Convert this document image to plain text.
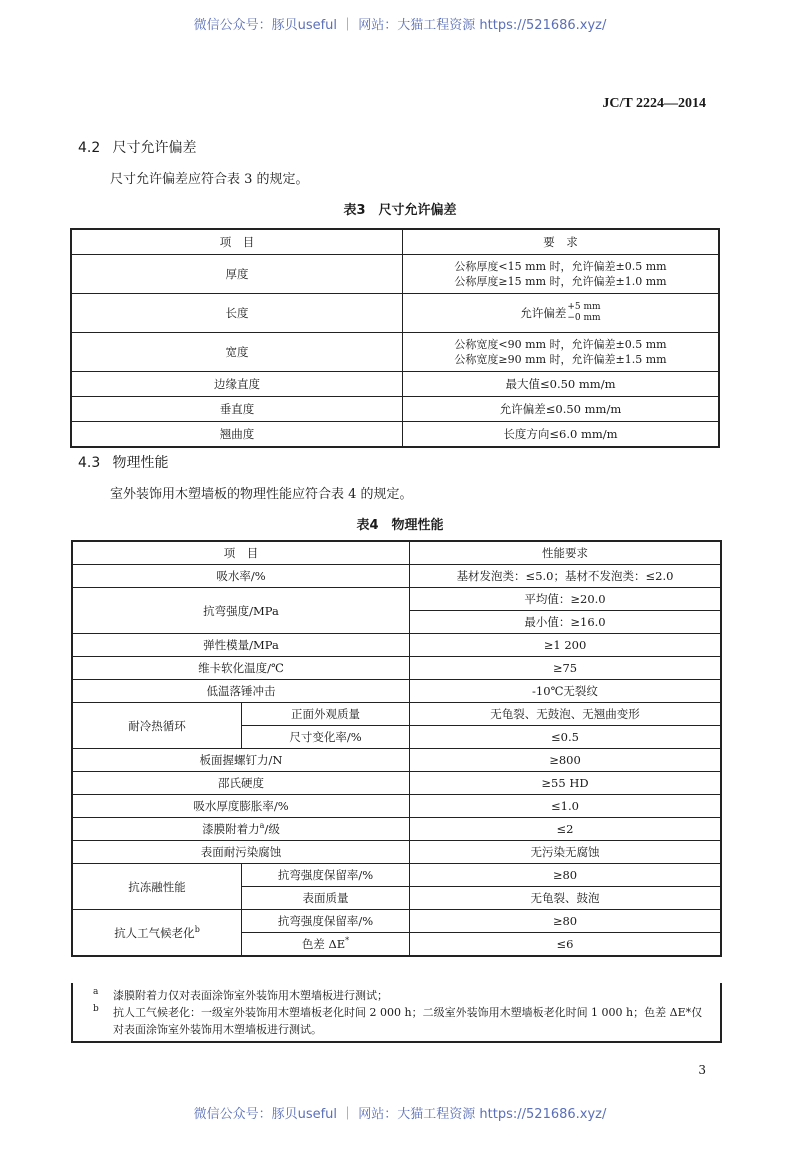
微信公众号：豚贝useful ｜ 网站：大猫工程资源 https://521686.xyz/
JC/T 2224—2014
4.2 尺寸允许偏差
尺寸允许偏差应符合表 3 的规定。
表3　尺寸允许偏差
项　目	要　求
厚度	公称厚度<15 mm 时，允许偏差±0.5 mm
公称厚度≥15 mm 时，允许偏差±1.0 mm

长度	允许偏差 +5 mm
−0 mm

宽度	公称宽度<90 mm 时，允许偏差±0.5 mm
公称宽度≥90 mm 时，允许偏差±1.5 mm

边缘直度	最大值≤0.50 mm/m
垂直度	允许偏差≤0.50 mm/m
翘曲度	长度方向≤6.0 mm/m
4.3 物理性能
室外装饰用木塑墙板的物理性能应符合表 4 的规定。
表4　物理性能
项　目		性能要求
吸水率/%		基材发泡类：≤5.0；基材不发泡类：≤2.0
抗弯强度/MPa		平均值：≥20.0
		最小值：≥16.0
弹性模量/MPa		≥1 200
维卡软化温度/℃		≥75
低温落锤冲击		-10℃无裂纹
耐冷热循环	正面外观质量	无龟裂、无鼓泡、无翘曲变形
	尺寸变化率/%	≤0.5
板面握螺钉力/N		≥800
邵氏硬度		≥55 HD
吸水厚度膨胀率/%		≤1.0
漆膜附着力$^a$/级		≤2
表面耐污染腐蚀		无污染无腐蚀
抗冻融性能	抗弯强度保留率/%	≥80
	表面质量	无龟裂、鼓泡
抗人工气候老化$^b$	抗弯强度保留率/%	≥80
	色差 ΔE*	≤6
a 漆膜附着力仅对表面涂饰室外装饰用木塑墙板进行测试；
b 抗人工气候老化：一级室外装饰用木塑墙板老化时间 2 000 h；二级室外装饰用木塑墙板老化时间 1 000 h；色差 ΔE*仅对表面涂饰室外装饰用木塑墙板进行测试。
3
微信公众号：豚贝useful ｜ 网站：大猫工程资源 https://521686.xyz/
